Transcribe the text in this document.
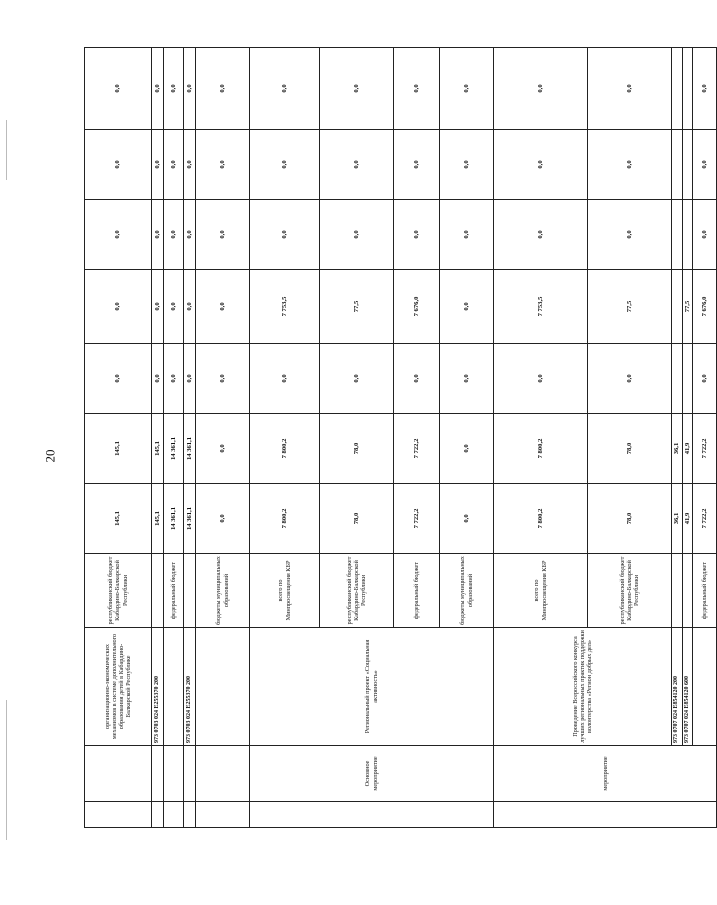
20
		организационно-экономических механизмов в системе дополнительного образования детей в Кабардино-Балкарской Республике	республиканский бюджет Кабардино-Балкарской Республики	145,1	145,1	0,0	0,0	0,0	0,0	0,0
		973 0703 024 E255370 200		145,1	145,1	0,0	0,0	0,0	0,0	0,0
			федеральный бюджет	14 361,1	14 361,1	0,0	0,0	0,0	0,0	0,0
		973 0703 024 E255370 200		14 361,1	14 361,1	0,0	0,0	0,0	0,0	0,0
			бюджеты муниципальных образований	0,0	0,0	0,0	0,0	0,0	0,0	0,0
	Основное мероприятие	Региональный проект «Социальная активность»	всего по Минпросвещения КБР	7 800,2	7 800,2	0,0	7 753,5	0,0	0,0	0,0
			республиканский бюджет Кабардино-Балкарской Республики	78,0	78,0	0,0	77,5	0,0	0,0	0,0
			федеральный бюджет	7 722,2	7 722,2	0,0	7 676,0	0,0	0,0	0,0
			бюджеты муниципальных образований	0,0	0,0	0,0	0,0	0,0	0,0	0,0
	мероприятие	Проведение Всероссийского конкурса лучших региональных практик поддержки волонтерства «Регион добрых дел»	всего по Минпросвещения КБР	7 800,2	7 800,2	0,0	7 753,5	0,0	0,0	0,0
			республиканский бюджет Кабардино-Балкарской Республики	78,0	78,0	0,0	77,5	0,0	0,0	0,0
		973 0707 024 E854120 200		36,1	36,1					
		973 0707 024 E854120 600		41,9	41,9		77,5			
			федеральный бюджет	7 722,2	7 722,2	0,0	7 676,0	0,0	0,0	0,0
